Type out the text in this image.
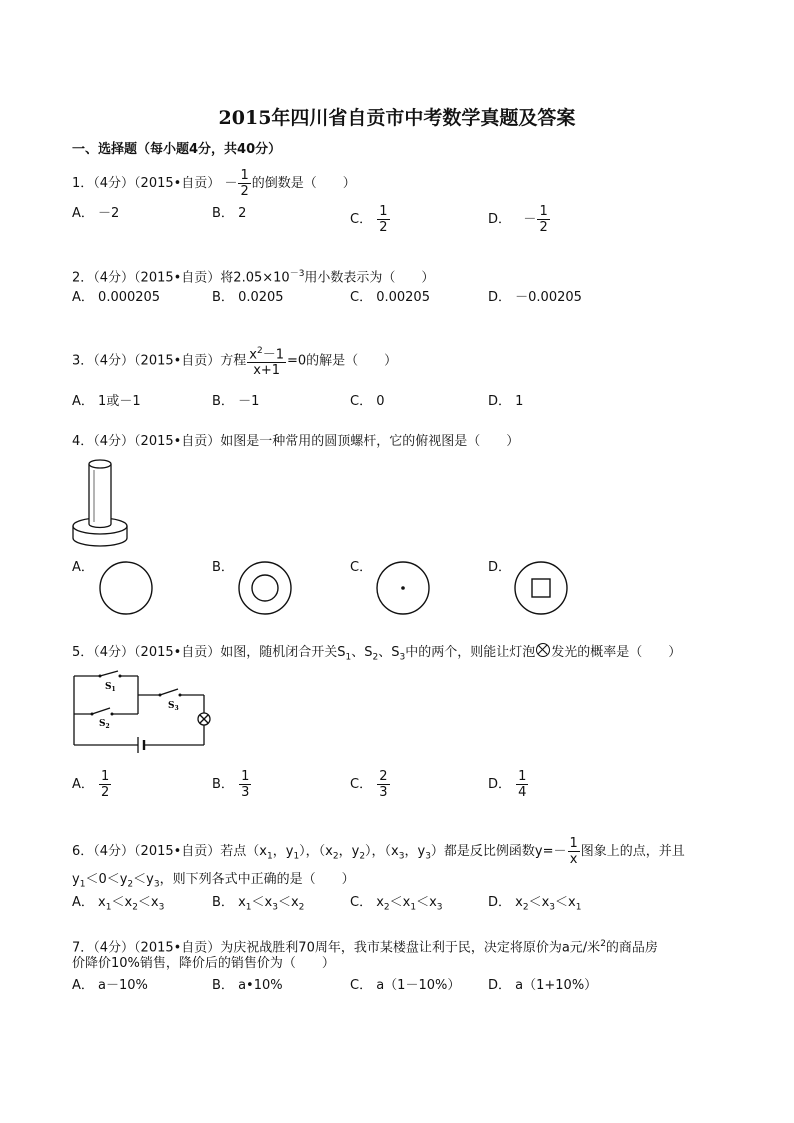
2015年四川省自贡市中考数学真题及答案
一、选择题（每小题4分，共40分）
1．（4分）（2015•自贡） － $\frac{1}{2}$ 的倒数是（　　）
A． －2	B． 2	C． $\frac{1}{2}$	D． － $\frac{1}{2}$
2．（4分）（2015•自贡）将$2.05\times 10^{-3}$用小数表示为（　　）
A． 0.000205	B． 0.0205	C． 0.00205	D． －0.00205
3．（4分）（2015•自贡）方程 $\frac{x^2-1}{x+1} =0$的解是（　　）
A． 1或－1	B． －1	C． 0	D． 1
4．（4分）（2015•自贡）如图是一种常用的圆顶螺杆，它的俯视图是（　　）
A．	B．	C．	D．
5．（4分）（2015•自贡）如图，随机闭合开关$S_1$、$S_2$、$S_3$中的两个，则能让灯泡 发光的概率是（　　）
$S_1$
$S_2$
$S_3$
A． $\frac{1}{2}$	B． $\frac{1}{3}$	C． $\frac{2}{3}$	D． $\frac{1}{4}$
6．（4分）（2015•自贡）若点（$x_1$，$y_1$），（$x_2$，$y_2$），（$x_3$，$y_3$）都是反比例函数$y=- \frac{1}{x}$ 图象上的点，并且
$y_1<0<y_2<y_3$，则下列各式中正确的是（　　）
A． $x_1<x_2<x_3$	B． $x_1<x_3<x_2$	C． $x_2<x_1<x_3$	D． $x_2<x_3<x_1$
7．（4分）（2015•自贡）为庆祝战胜利70周年，我市某楼盘让利于民，决定将原价为a元/米$^2$的商品房
价降价10%销售，降价后的销售价为（　　）
A． a－10%	B． a•10%	C． a（1－10%） D． a（1+10%）
